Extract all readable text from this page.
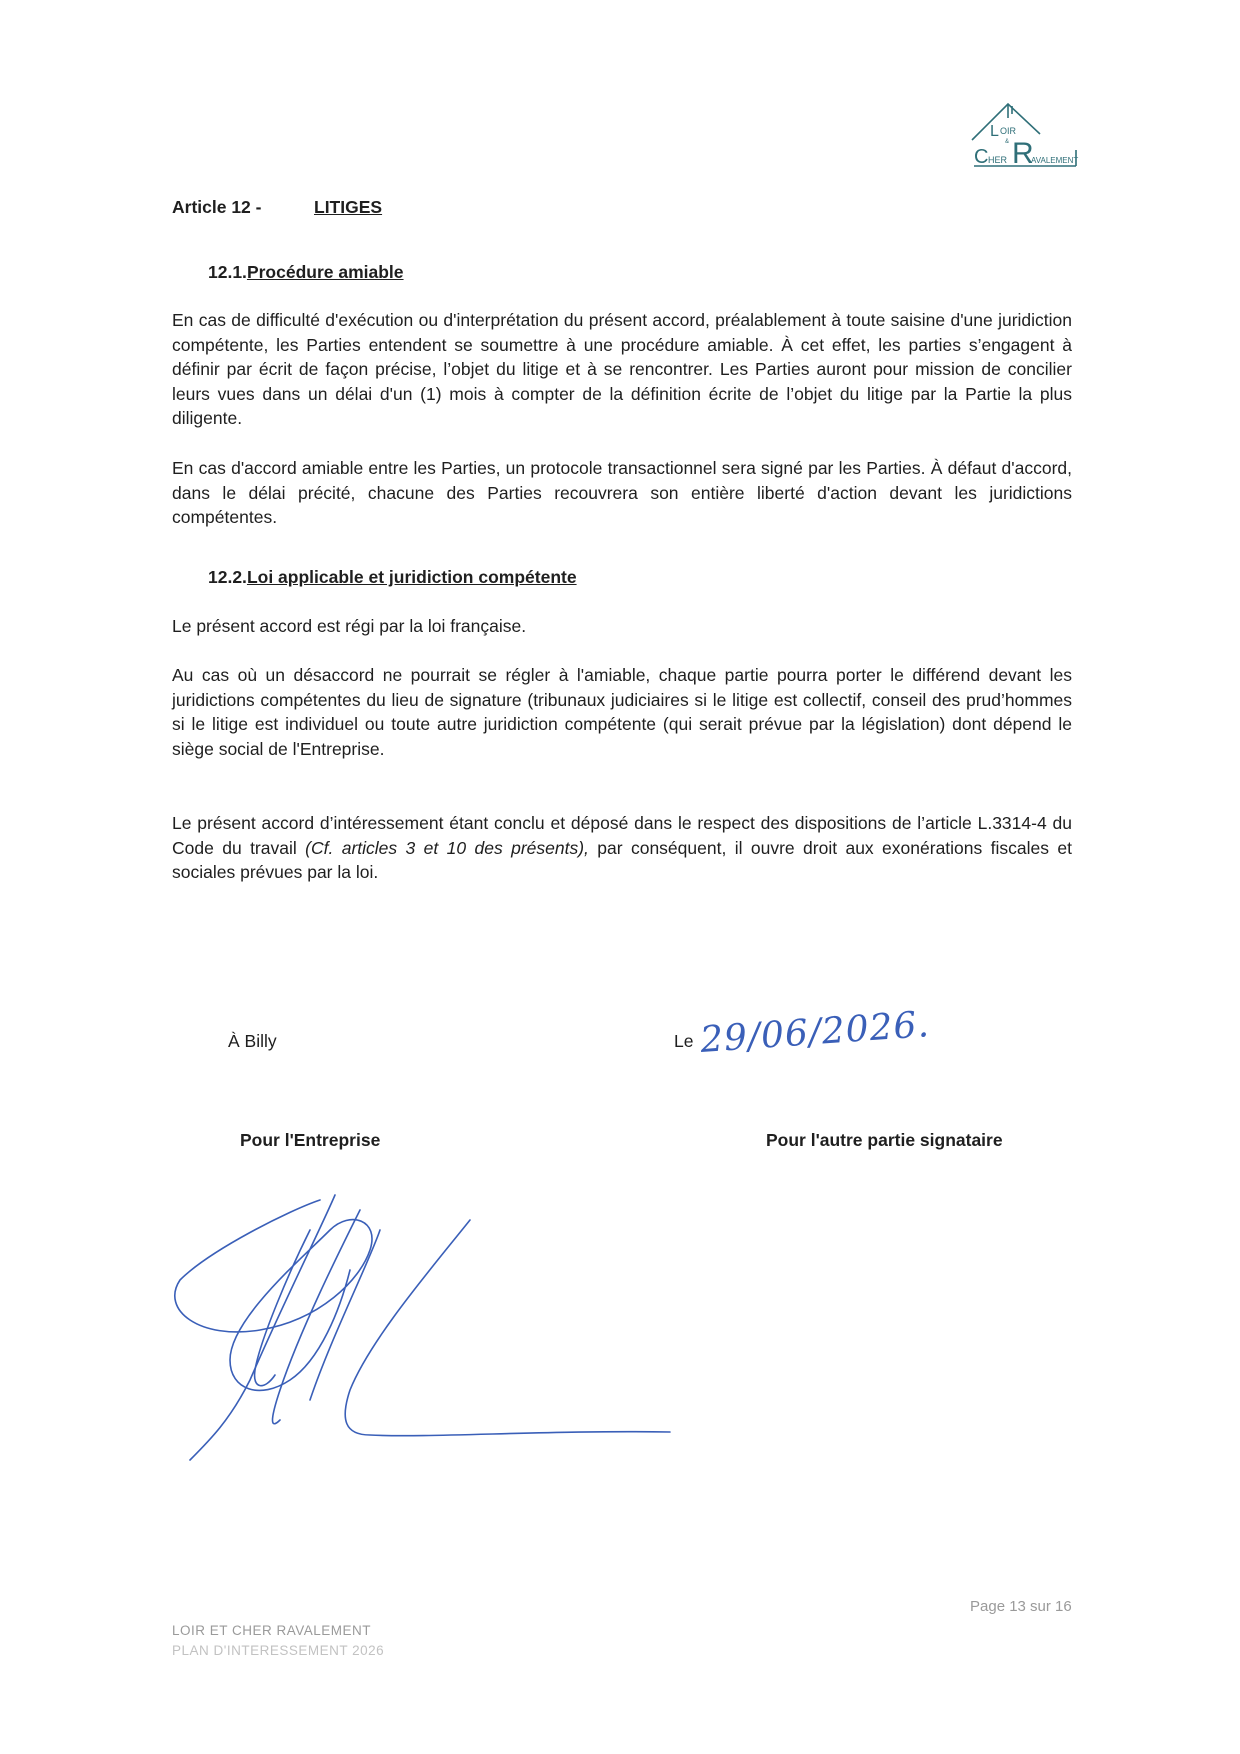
L OIR
&
C HER R
AVALEMENT
Article 12 -	LITIGES
12.1.Procédure amiable

En cas de difficulté d'exécution ou d'interprétation du présent accord, préalablement à toute saisine d'une juridiction compétente, les Parties entendent se soumettre à une procédure amiable. À cet effet, les parties s’engagent à définir par écrit de façon précise, l’objet du litige et à se rencontrer. Les Parties auront pour mission de concilier leurs vues dans un délai d'un (1) mois à compter de la définition écrite de l’objet du litige par la Partie la plus diligente.

En cas d'accord amiable entre les Parties, un protocole transactionnel sera signé par les Parties. À défaut d'accord, dans le délai précité, chacune des Parties recouvrera son entière liberté d'action devant les juridictions compétentes.

12.2.Loi applicable et juridiction compétente

Le présent accord est régi par la loi française.

Au cas où un désaccord ne pourrait se régler à l'amiable, chaque partie pourra porter le différend devant les juridictions compétentes du lieu de signature (tribunaux judiciaires si le litige est collectif, conseil des prud’hommes si le litige est individuel ou toute autre juridiction compétente (qui serait prévue par la législation) dont dépend le siège social de l'Entreprise.

Le présent accord d’intéressement étant conclu et déposé dans le respect des dispositions de l’article L.3314-4 du Code du travail (Cf. articles 3 et 10 des présents), par conséquent, il ouvre droit aux exonérations fiscales et sociales prévues par la loi.

À Billy	Le 29/06/2026.
Pour l'Entreprise	Pour l'autre partie signataire
Page 13 sur 16
LOIR ET CHER RAVALEMENT
PLAN D'INTERESSEMENT 2026
